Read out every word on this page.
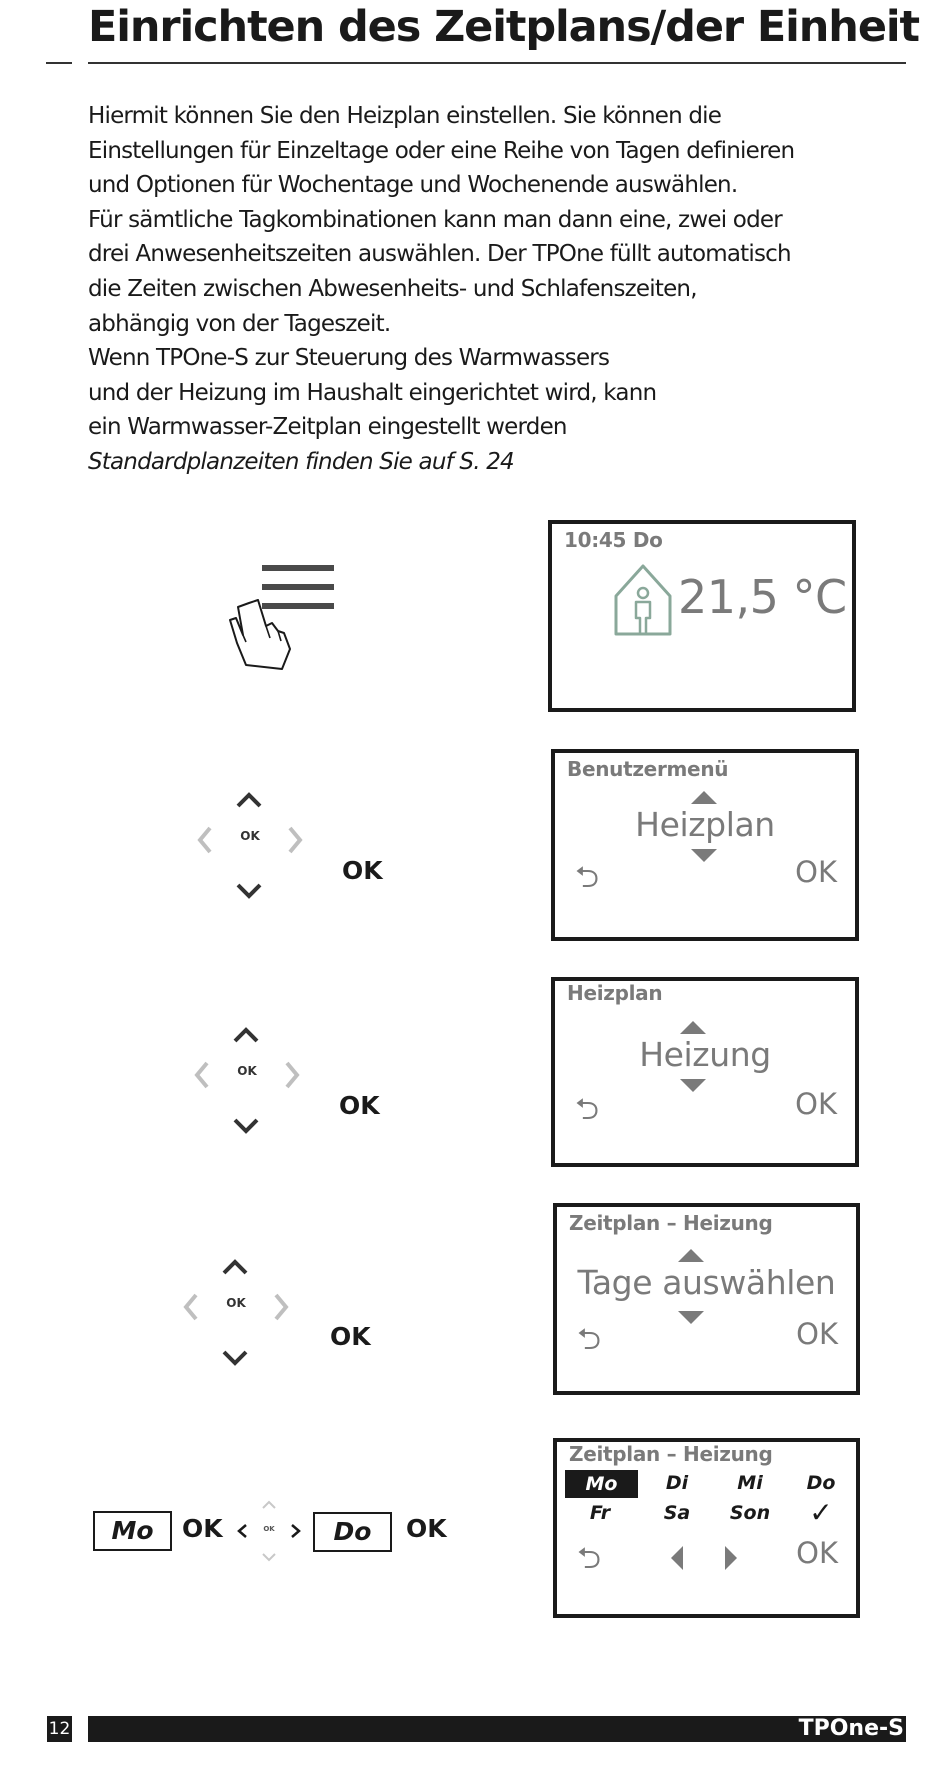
Einrichten des Zeitplans/der Einheit
Hiermit können Sie den Heizplan einstellen. Sie können die
Einstellungen für Einzeltage oder eine Reihe von Tagen definieren
und Optionen für Wochentage und Wochenende auswählen.
Für sämtliche Tagkombinationen kann man dann eine, zwei oder
drei Anwesenheitszeiten auswählen. Der TPOne füllt automatisch
die Zeiten zwischen Abwesenheits- und Schlafenszeiten,
abhängig von der Tageszeit.
Wenn TPOne-S zur Steuerung des Warmwassers
und der Heizung im Haushalt eingerichtet wird, kann
ein Warmwasser-Zeitplan eingestellt werden
Standardplanzeiten finden Sie auf S. 24
10:45 Do
21,5 °C
OK
OK
Benutzermenü
Heizplan
⮌	OK
OK
OK
Heizplan
Heizung
⮌	OK
OK
OK
Zeitplan – Heizung
Tage auswählen
⮌	OK
Mo	OK	OK	Do	OK
Zeitplan – Heizung
Mo	Di	Mi	Do
Fr	Sa	Son	✓
⮌	OK
12	TPOne-S
